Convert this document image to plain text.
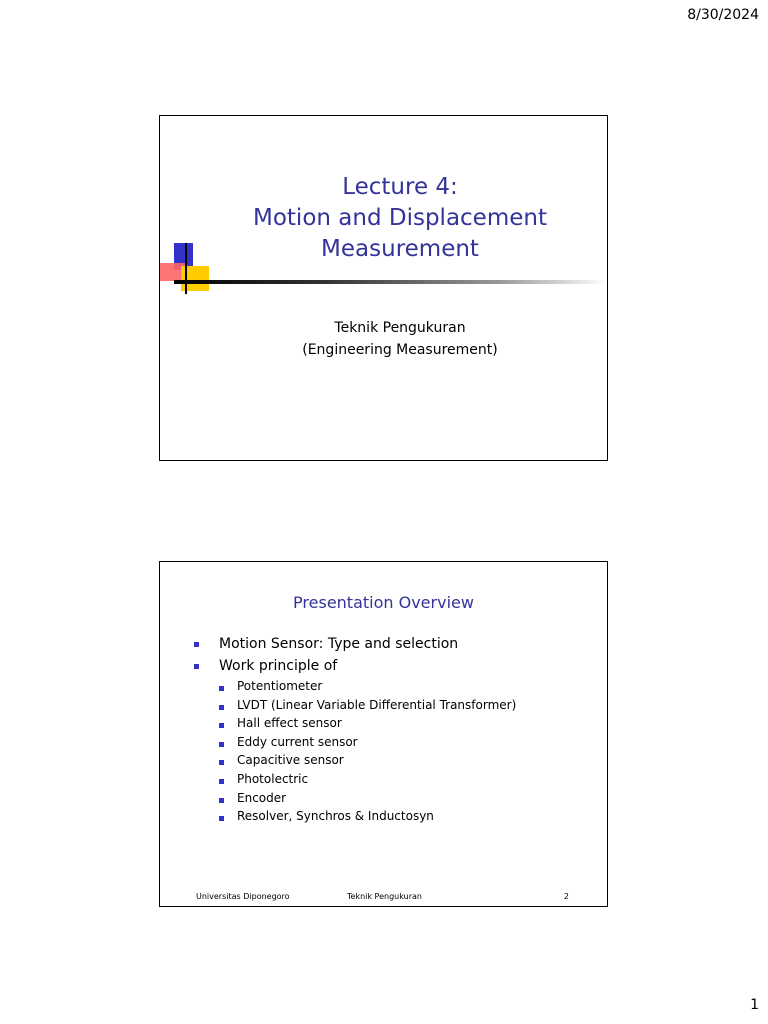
8/30/2024
Lecture 4:
Motion and Displacement
Measurement
Teknik Pengukuran
(Engineering Measurement)
Presentation Overview
Motion Sensor: Type and selection
Work principle of
Potentiometer
LVDT (Linear Variable Differential Transformer)
Hall effect sensor
Eddy current sensor
Capacitive sensor
Photolectric
Encoder
Resolver, Synchros & Inductosyn
Universitas Diponegoro	Teknik Pengukuran	2
1
